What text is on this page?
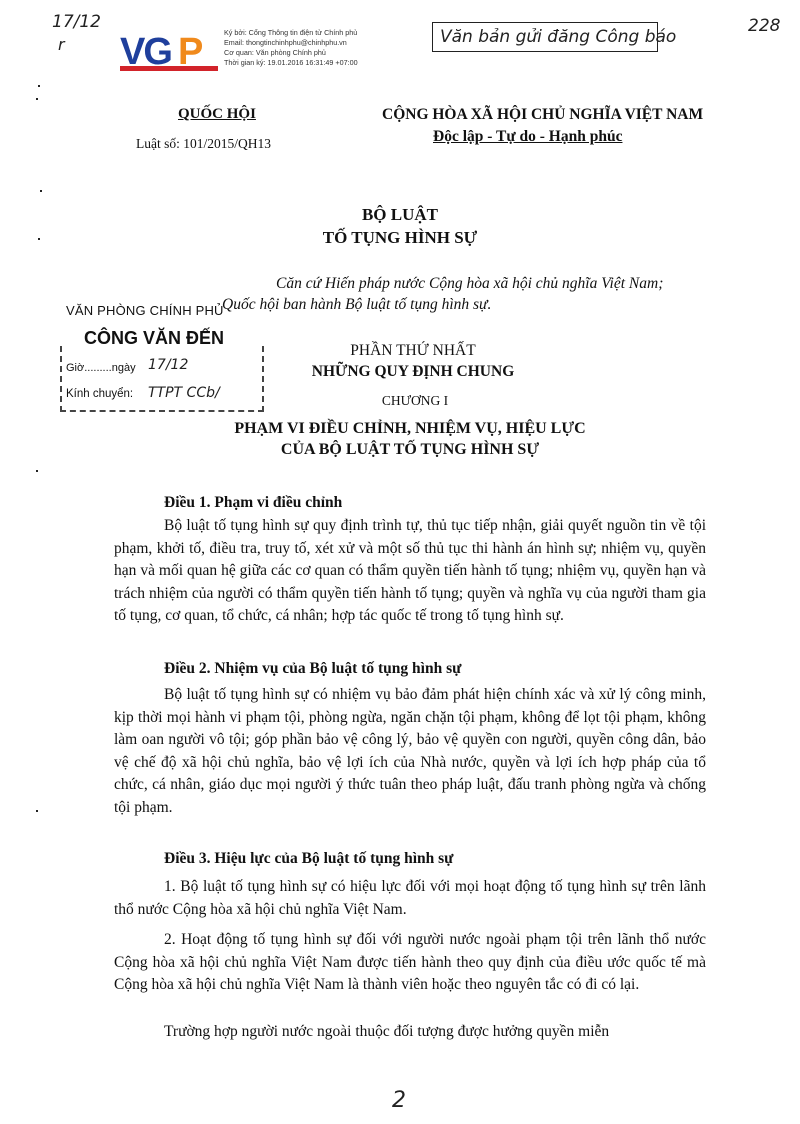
17/12
r
228
VG P	Ký bởi: Cổng Thông tin điện tử Chính phủ
Email: thongtinchinhphu@chinhphu.vn
Cơ quan: Văn phòng Chính phủ
Thời gian ký: 19.01.2016 16:31:49 +07:00
Văn bản gửi đăng Công báo
QUỐC HỘI
Luật số: 101/2015/QH13
CỘNG HÒA XÃ HỘI CHỦ NGHĨA VIỆT NAM
Độc lập - Tự do - Hạnh phúc
BỘ LUẬT
TỐ TỤNG HÌNH SỰ
Căn cứ Hiến pháp nước Cộng hòa xã hội chủ nghĩa Việt Nam;
Quốc hội ban hành Bộ luật tố tụng hình sự.
VĂN PHÒNG CHÍNH PHỦ
CÔNG VĂN ĐẾN
Giờ.........ngày 17/12
Kính chuyển: TTPT CCb/
PHẦN THỨ NHẤT
NHỮNG QUY ĐỊNH CHUNG
CHƯƠNG I
PHẠM VI ĐIỀU CHỈNH, NHIỆM VỤ, HIỆU LỰC
CỦA BỘ LUẬT TỐ TỤNG HÌNH SỰ
Điều 1. Phạm vi điều chỉnh
Bộ luật tố tụng hình sự quy định trình tự, thủ tục tiếp nhận, giải quyết nguồn tin về tội phạm, khởi tố, điều tra, truy tố, xét xử và một số thủ tục thi hành án hình sự; nhiệm vụ, quyền hạn và mối quan hệ giữa các cơ quan có thẩm quyền tiến hành tố tụng; nhiệm vụ, quyền hạn và trách nhiệm của người có thẩm quyền tiến hành tố tụng; quyền và nghĩa vụ của người tham gia tố tụng, cơ quan, tổ chức, cá nhân; hợp tác quốc tế trong tố tụng hình sự.
Điều 2. Nhiệm vụ của Bộ luật tố tụng hình sự
Bộ luật tố tụng hình sự có nhiệm vụ bảo đảm phát hiện chính xác và xử lý công minh, kịp thời mọi hành vi phạm tội, phòng ngừa, ngăn chặn tội phạm, không để lọt tội phạm, không làm oan người vô tội; góp phần bảo vệ công lý, bảo vệ quyền con người, quyền công dân, bảo vệ chế độ xã hội chủ nghĩa, bảo vệ lợi ích của Nhà nước, quyền và lợi ích hợp pháp của tổ chức, cá nhân, giáo dục mọi người ý thức tuân theo pháp luật, đấu tranh phòng ngừa và chống tội phạm.
Điều 3. Hiệu lực của Bộ luật tố tụng hình sự
1. Bộ luật tố tụng hình sự có hiệu lực đối với mọi hoạt động tố tụng hình sự trên lãnh thổ nước Cộng hòa xã hội chủ nghĩa Việt Nam.
2. Hoạt động tố tụng hình sự đối với người nước ngoài phạm tội trên lãnh thổ nước Cộng hòa xã hội chủ nghĩa Việt Nam được tiến hành theo quy định của điều ước quốc tế mà Cộng hòa xã hội chủ nghĩa Việt Nam là thành viên hoặc theo nguyên tắc có đi có lại.
Trường hợp người nước ngoài thuộc đối tượng được hưởng quyền miễn
2
